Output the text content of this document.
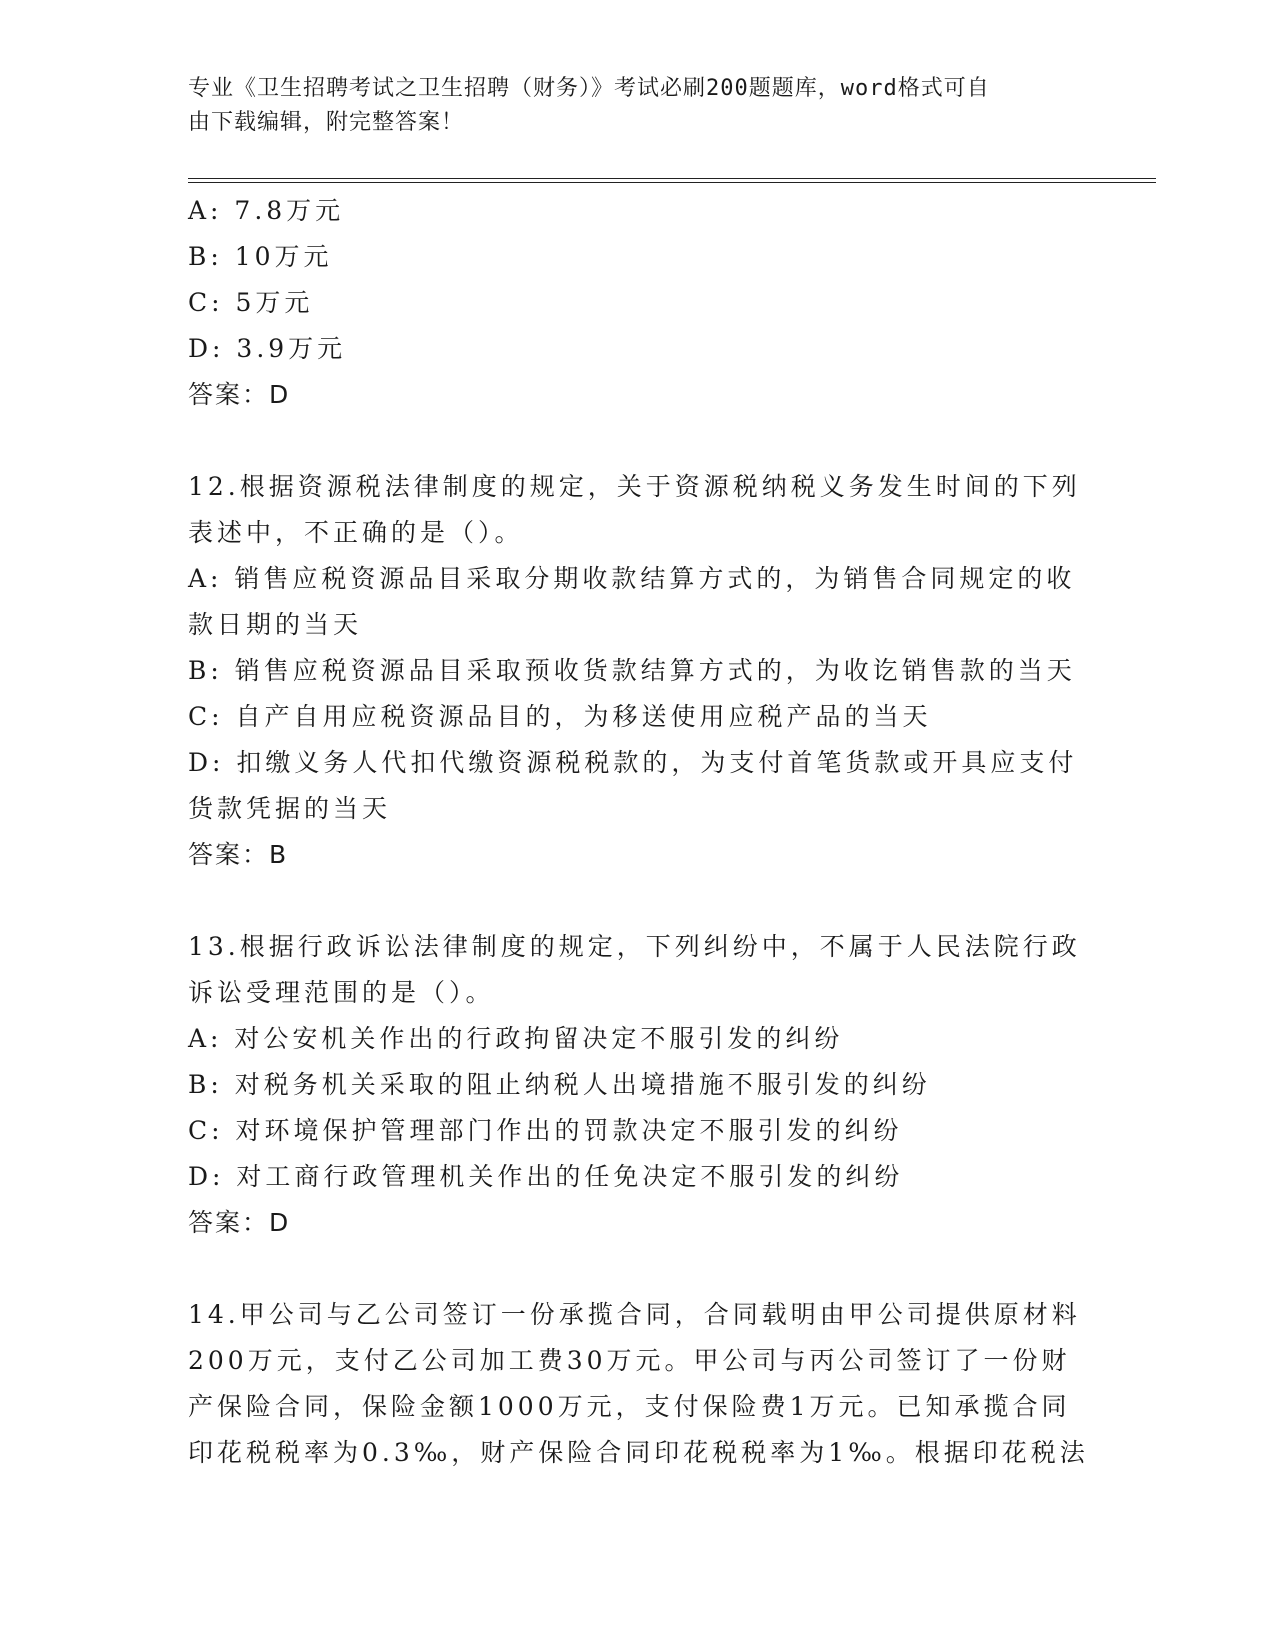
专业《卫生招聘考试之卫生招聘（财务）》考试必刷200题题库，word格式可自
由下载编辑，附完整答案！

A: 7.8万元

B: 10万元

C: 5万元

D: 3.9万元

答案：D

12.根据资源税法律制度的规定，关于资源税纳税义务发生时间的下列

表述中，不正确的是（）。

A: 销售应税资源品目采取分期收款结算方式的，为销售合同规定的收

款日期的当天

B: 销售应税资源品目采取预收货款结算方式的，为收讫销售款的当天

C: 自产自用应税资源品目的，为移送使用应税产品的当天

D: 扣缴义务人代扣代缴资源税税款的，为支付首笔货款或开具应支付

货款凭据的当天

答案：B

13.根据行政诉讼法律制度的规定，下列纠纷中，不属于人民法院行政

诉讼受理范围的是（）。

A: 对公安机关作出的行政拘留决定不服引发的纠纷

B: 对税务机关采取的阻止纳税人出境措施不服引发的纠纷

C: 对环境保护管理部门作出的罚款决定不服引发的纠纷

D: 对工商行政管理机关作出的任免决定不服引发的纠纷

答案：D

14.甲公司与乙公司签订一份承揽合同，合同载明由甲公司提供原材料

200万元，支付乙公司加工费30万元。甲公司与丙公司签订了一份财

产保险合同，保险金额1000万元，支付保险费1万元。已知承揽合同

印花税税率为0.3‰，财产保险合同印花税税率为1‰。根据印花税法
